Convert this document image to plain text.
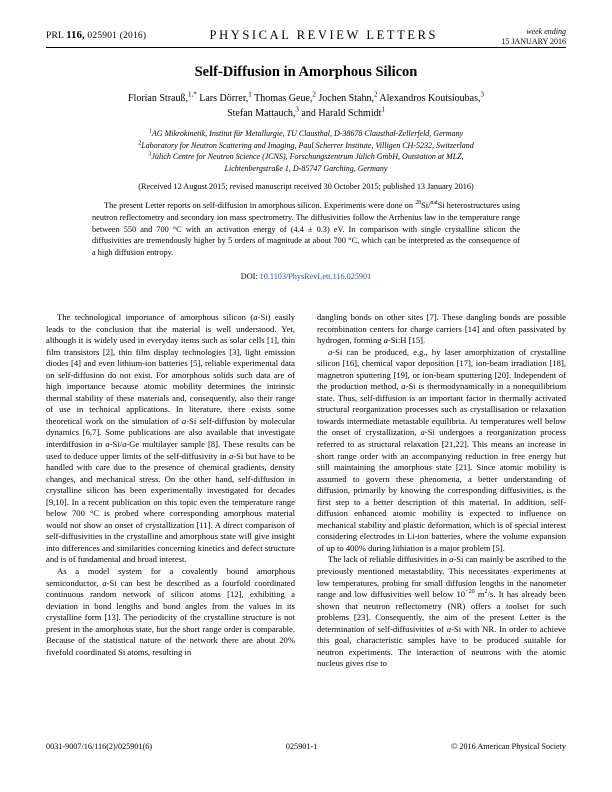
PRL 116, 025901 (2016)	PHYSICAL REVIEW LETTERS	week ending
15 JANUARY 2016
Self-Diffusion in Amorphous Silicon
Florian Strauß,$^{1,*}$ Lars Dörrer,$^1$ Thomas Geue,$^2$ Jochen Stahn,$^2$ Alexandros Koutsioubas,$^3$
Stefan Mattauch,$^3$ and Harald Schmidt$^1$
$^1$AG Mikrokinetik, Institut für Metallurgie, TU Clausthal, D-38678 Clausthal-Zellerfeld, Germany
$^2$Laboratory for Neutron Scattering and Imaging, Paul Scherrer Institute, Villigen CH-5232, Switzerland
$^3$Jülich Centre for Neutron Science (JCNS), Forschungszentrum Jülich GmbH, Outstation at MLZ,
Lichtenbergstraße 1, D-85747 Garching, Germany
(Received 12 August 2015; revised manuscript received 30 October 2015; published 13 January 2016)
The present Letter reports on self-diffusion in amorphous silicon. Experiments were done on $^{28}$Si/$^{nat}$Si heterostructures using neutron reflectometry and secondary ion mass spectrometry. The diffusivities follow the Arrhenius law in the temperature range between 550 and 700 °C with an activation energy of (4.4 ± 0.3) eV. In comparison with single crystalline silicon the diffusivities are tremendously higher by 5 orders of magnitude at about 700 °C, which can be interpreted as the consequence of a high diffusion entropy.
DOI: 10.1103/PhysRevLett.116.025901

The technological importance of amorphous silicon (a-Si) easily leads to the conclusion that the material is well understood. Yet, although it is widely used in everyday items such as solar cells [1], thin film transistors [2], thin film display technologies [3], light emission diodes [4] and even lithium-ion batteries [5], reliable experimental data on self-diffusion do not exist. For amorphous solids such data are of high importance because atomic mobility determines the intrinsic thermal stability of these materials and, consequently, also their range of use in technical applications. In literature, there exists some theoretical work on the simulation of a-Si self-diffusion by molecular dynamics [6,7]. Some publications are also available that investigate interdiffusion in a-Si/a-Ge multilayer sample [8]. These results can be used to deduce upper limits of the self-diffusivity in a-Si but have to be handled with care due to the presence of chemical gradients, density changes, and mechanical stress. On the other hand, self-diffusion in crystalline silicon has been experimentally investigated for decades [9,10]. In a recent publication on this topic even the temperature range below 700 °C is probed where corresponding amorphous material would not show an onset of crystallization [11]. A direct comparison of self-diffusivities in the crystalline and amorphous state will give insight into differences and similarities concerning kinetics and defect structure and is of fundamental and broad interest.

As a model system for a covalently bound amorphous semiconductor, a-Si can best be described as a fourfold coordinated continuous random network of silicon atoms [12], exhibiting a deviation in bond lengths and bond angles from the values in its crystalline form [13]. The periodicity of the crystalline structure is not present in the amorphous state, but the short range order is comparable. Because of the statistical nature of the network there are about 20% fivefold coordinated Si atoms, resulting in

dangling bonds on other sites [7]. These dangling bonds are possible recombination centers for charge carriers [14] and often passivated by hydrogen, forming a-Si:H [15].

a-Si can be produced, e.g., by laser amorphization of crystalline silicon [16], chemical vapor deposition [17], ion-beam irradiation [18], magnetron sputtering [19], or ion-beam sputtering [20]. Independent of the production method, a-Si is thermodynamically in a nonequilibrium state. Thus, self-diffusion is an important factor in thermally activated structural reorganization processes such as crystallisation or relaxation towards intermediate metastable equilibria. At temperatures well below the onset of crystallization, a-Si undergoes a reorganization process referred to as structural relaxation [21,22]. This means an increase in short range order with an accompanying reduction in free energy but still maintaining the amorphous state [21]. Since atomic mobility is assumed to govern these phenomena, a better understanding of diffusion, primarily by knowing the corresponding diffusivities, is the first step to a better description of this material. In addition, self-diffusion enhanced atomic mobility is expected to influence on mechanical stability and plastic deformation, which is of special interest considering electrodes in Li-ion batteries, where the volume expansion of up to 400% during lithiation is a major problem [5].

The lack of reliable diffusivities in a-Si can mainly be ascribed to the previously mentioned metastability. This necessitates experiments at low temperatures, probing for small diffusion lengths in the nanometer range and low diffusivities well below $10^{-20}$ $m^2/s$. It has already been shown that neutron reflectometry (NR) offers a toolset for such problems [23]. Consequently, the aim of the present Letter is the determination of self-diffusivities of a-Si with NR. In order to achieve this goal, characteristic samples have to be produced suitable for neutron experiments. The interaction of neutrons with the atomic nucleus gives rise to

0031-9007/16/116(2)/025901(6)	025901-1	© 2016 American Physical Society
